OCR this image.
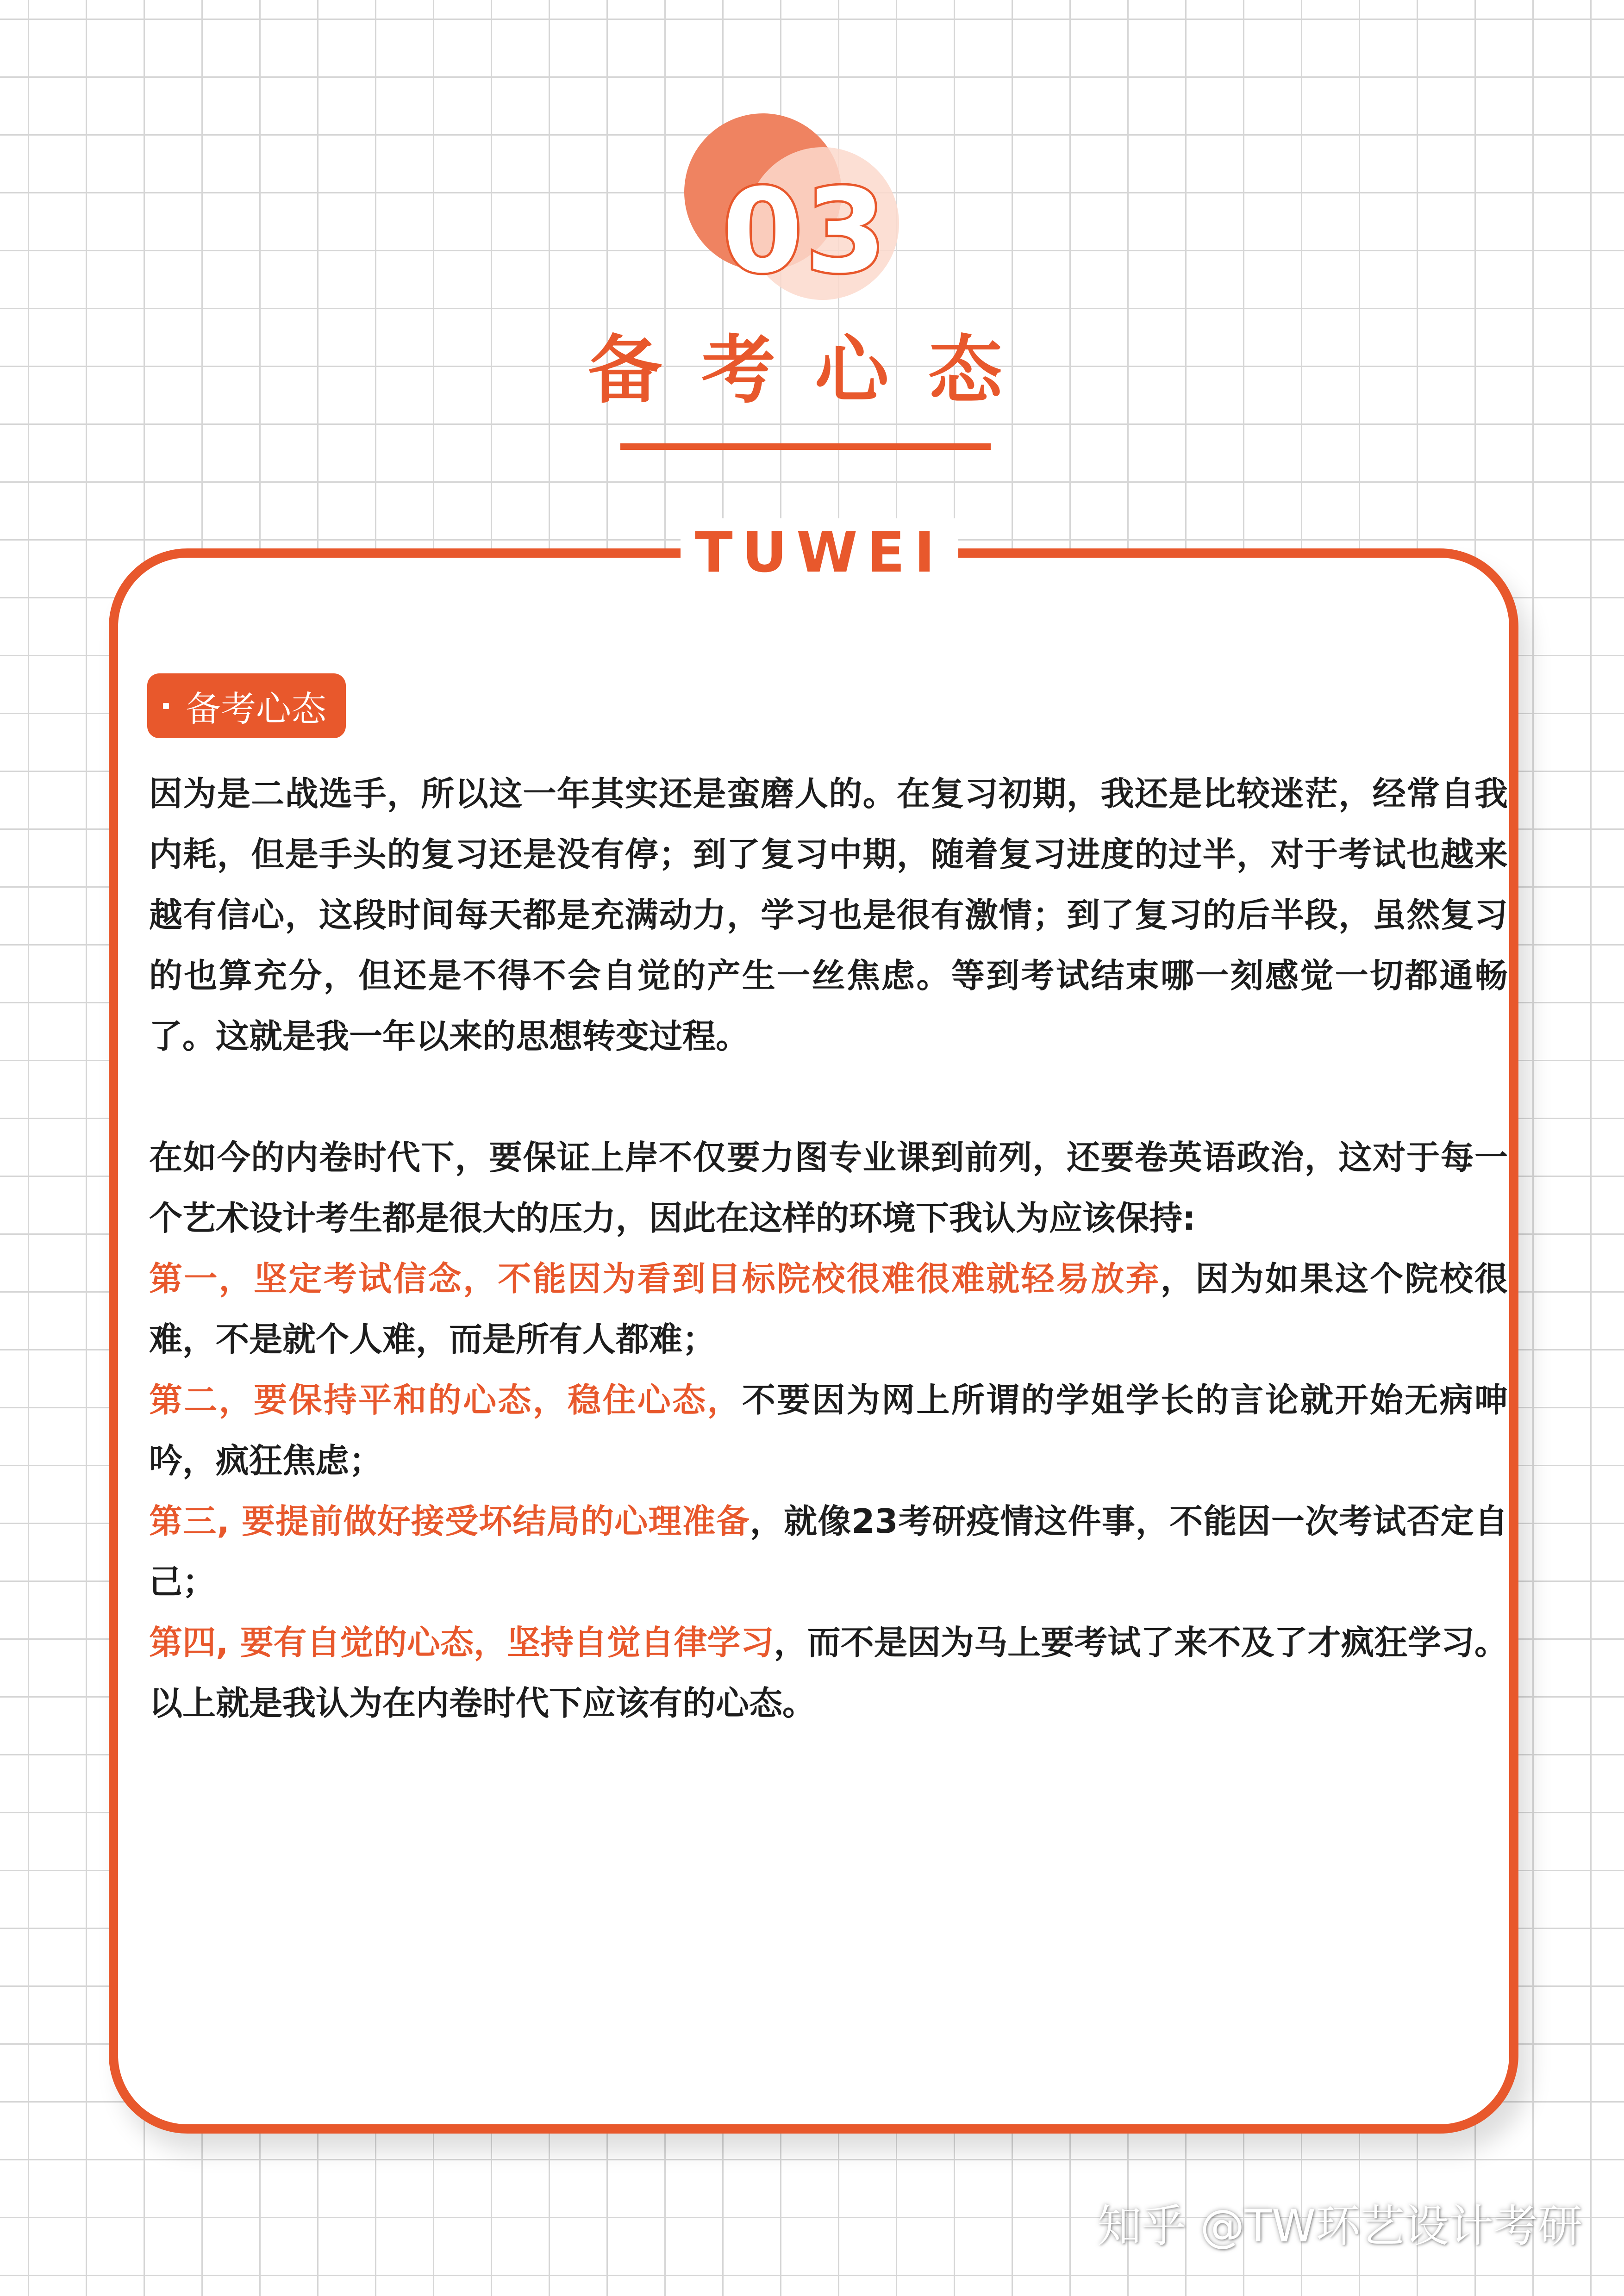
03
备考心态
TUWEI
备考心态

因为是二战选手，所以这一年其实还是蛮磨人的。在复习初期，我还是比较迷茫，经常自我内耗，但是手头的复习还是没有停；到了复习中期，随着复习进度的过半，对于考试也越来越有信心，这段时间每天都是充满动力，学习也是很有激情；到了复习的后半段，虽然复习的也算充分，但还是不得不会自觉的产生一丝焦虑。等到考试结束哪一刻感觉一切都通畅了。这就是我一年以来的思想转变过程。

在如今的内卷时代下，要保证上岸不仅要力图专业课到前列，还要卷英语政治，这对于每一个艺术设计考生都是很大的压力，因此在这样的环境下我认为应该保持:

第一，坚定考试信念，不能因为看到目标院校很难很难就轻易放弃，因为如果这个院校很难，不是就个人难，而是所有人都难；

第二，要保持平和的心态，稳住心态，不要因为网上所谓的学姐学长的言论就开始无病呻吟，疯狂焦虑；

第三, 要提前做好接受坏结局的心理准备，就像23考研疫情这件事，不能因一次考试否定自己；

第四, 要有自觉的心态，坚持自觉自律学习，而不是因为马上要考试了来不及了才疯狂学习。以上就是我认为在内卷时代下应该有的心态。

知乎 @TW环艺设计考研
